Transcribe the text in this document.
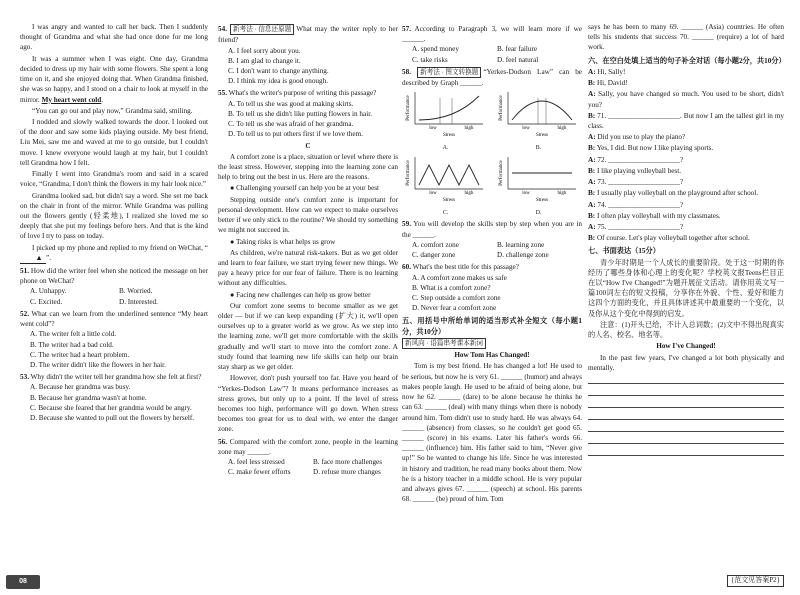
I was angry and wanted to call her back. Then I suddenly thought of Grandma and what she had once done for me long ago.

It was a summer when I was eight. One day, Grandma decided to dress up my hair with some flowers. She spent a long time on it, and she enjoyed doing that. When Grandma finished, she was so happy, and I stood on a chair to look at myself in the mirror. My heart went cold.

“You can go out and play now,” Grandma said, smiling.

I nodded and slowly walked towards the door. I looked out of the door and saw some kids playing outside. My best friend, Liu Mei, saw me and waved at me to go outside, but I couldn't move. I knew everyone would laugh at my hair, but I couldn't tell Grandma how I felt.

Finally I went into Grandma's room and said in a scared voice, “Grandma, I don't think the flowers in my hair look nice.”

Grandma looked sad, but didn't say a word. She set me back on the chair in front of the mirror. While Grandma was pulling out the flowers gently (轻柔地), I realized she loved me so deeply that she put my feelings before hers. And that is the kind of love I try to pass on today.

I picked up my phone and replied to my friend on WeChat, “▲ ”.

51. How did the writer feel when she noticed the message on her phone on WeChat?

A. Unhappy.	B. Worried.
C. Excited.	D. Interested.

52. What can we learn from the underlined sentence “My heart went cold”?

A. The writer felt a little cold.
B. The writer had a bad cold.
C. The writer had a heart problem.
D. The writer didn't like the flowers in her hair.

53. Why didn't the writer tell her grandma how she felt at first?

A. Because her grandma was busy.
B. Because her grandma wasn't at home.
C. Because she feared that her grandma would be angry.
D. Because she wanted to pull out the flowers by herself.

54. 新考法 · 信息还原题 What may the writer reply to her friend?

A. I feel sorry about you.
B. I am glad to change it.
C. I don't want to change anything.
D. I think my idea is good enough.

55. What's the writer's purpose of writing this passage?

A. To tell us she was good at making skirts.
B. To tell us she didn't like putting flowers in hair.
C. To tell us she was afraid of her grandma.
D. To tell us to put others first if we love them.

C

A comfort zone is a place, situation or level where there is the least stress. However, stepping into the learning zone can help to bring out the best in us. Here are the reasons.

● Challenging yourself can help you be at your best

Stepping outside one's comfort zone is important for personal development. How can we expect to make ourselves better if we only stick to the routine? We should try something we might not succeed in.

● Taking risks is what helps us grow

As children, we're natural risk-takers. But as we get older and learn to fear failure, we start trying fewer new things. We pay a heavy price for our fear of failure. There is no learning without any difficulties.

● Facing new challenges can help us grow better

Our comfort zone seems to become smaller as we get older — but if we can keep expanding (扩大) it, we'll open ourselves up to a greater world as we grow. As we step into the learning zone, we'll get more comfortable with the skills gradually and we'll start to move into the comfort zone. A study found that learning new life skills can help our brain stay sharp as we get older.

However, don't push yourself too far. Have you heard of “Yerkes-Dodson Law”? It means performance increases as stress grows, but only up to a point. If the level of stress becomes too high, performance will go down. When stress becomes too great for us to deal with, we enter the danger zone.

56. Compared with the comfort zone, people in the learning zone may ______.

A. feel less stressed	B. face more challenges
C. make fewer efforts	D. refuse more changes

57. According to Paragraph 3, we will learn more if we ______.

A. spend money	B. fear failure
C. take risks	D. feel natural

58. 新考法 · 图文转换题 “Yerkes-Dodson Law” can be described by Graph ______.

Performance
Stress
low	high
A.
Performance
Stress
low	high
B.
Performance
Stress
low	high
C.
Performance
Stress
low	high
D.

59. You will develop the skills step by step when you are in the ______.

A. comfort zone	B. learning zone
C. danger zone	D. challenge zone

60. What's the best title for this passage?

A. A comfort zone makes us safe
B. What is a comfort zone?
C. Step outside a comfort zone
D. Never fear a comfort zone

五、用括号中所给单词的适当形式补全短文（每小题1分，共10分）

新风向 · 语篇串考课本新词

How Tom Has Changed!

Tom is my best friend. He has changed a lot! He used to be serious, but now he is very 61. ______ (humor) and always makes people laugh. He used to be afraid of being alone, but now he 62. ______ (dare) to be alone because he thinks he can 63. ______ (deal) with many things when there is nobody around him. Tom didn't use to study hard. He was always 64. ______ (absence) from classes, so he couldn't get good 65. ______ (score) in his exams. Later his father's words 66. ______ (influence) him. His father said to him, “Never give up!” So he wanted to change his life. Since he was interested in history and tradition, he read many books about them. Now he is a history teacher in a middle school. He is very popular and always gives 67. ______ (speech) at school. His parents 68. ______ (be) proud of him. Tom

says he has been to many 69. ______ (Asia) countries. He often tells his students that success 70. ______ (require) a lot of hard work.

六、在空白处填上适当的句子补全对话（每小题2分，共10分）

A: Hi, Sally!

B: Hi, David!

A: Sally, you have changed so much. You used to be short, didn't you?

B: 71. ____________________. But now I am the tallest girl in my class.

A: Did you use to play the piano?

B: Yes, I did. But now I like playing sports.

A: 72. ____________________?

B: I like playing volleyball best.

A: 73. ____________________?

B: I usually play volleyball on the playground after school.

A: 74. ____________________?

B: I often play volleyball with my classmates.

A: 75. ____________________?

B: Of course. Let's play volleyball together after school.

七、书面表达（15分）

青少年时期是一个人成长的重要阶段。处于这一时期的你经历了哪些身体和心理上的变化呢？学校英文报Teens栏目正在以“How I've Changed!”为题开展征文活动。请你用英文写一篇100词左右的短文投稿，分享你在外貌、个性、爱好和能力这四个方面的变化，并且具体讲述其中最重要的一个变化，以及你从这个变化中得到的启发。

注意：(1)开头已给，不计入总词数；(2)文中不得出现真实的人名、校名、地名等。

How I've Changed!

In the past few years, I've changed a lot both physically and mentally.

08	{范文见答案P2}
